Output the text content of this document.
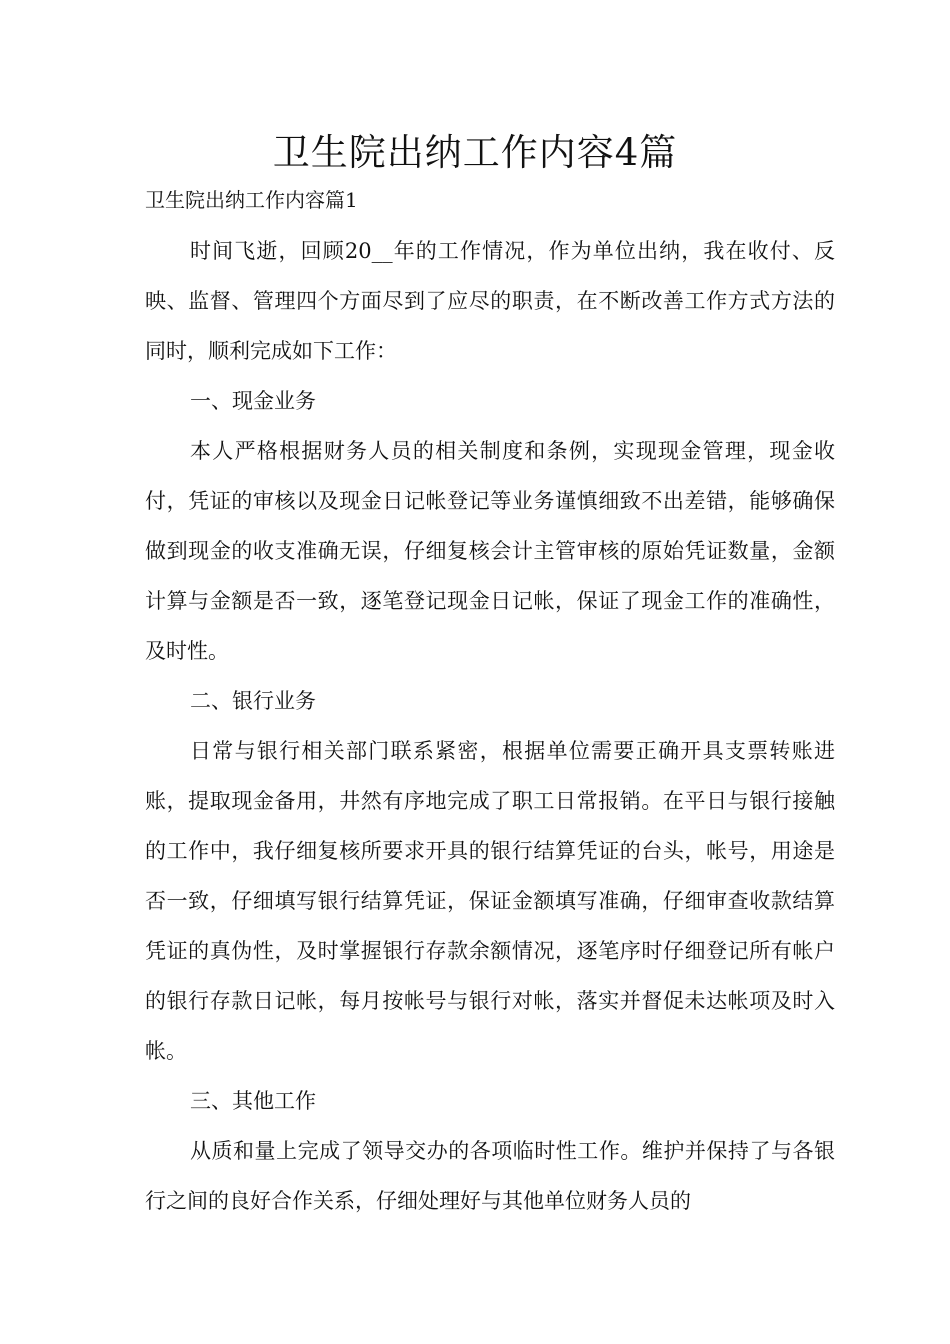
卫生院出纳工作内容4篇

卫生院出纳工作内容篇1

时间飞逝，回顾20__年的工作情况，作为单位出纳，我在收付、反映、监督、管理四个方面尽到了应尽的职责，在不断改善工作方式方法的同时，顺利完成如下工作：

一、现金业务

本人严格根据财务人员的相关制度和条例，实现现金管理，现金收付，凭证的审核以及现金日记帐登记等业务谨慎细致不出差错，能够确保做到现金的收支准确无误，仔细复核会计主管审核的原始凭证数量，金额计算与金额是否一致，逐笔登记现金日记帐，保证了现金工作的准确性，及时性。

二、银行业务

日常与银行相关部门联系紧密，根据单位需要正确开具支票转账进账，提取现金备用，井然有序地完成了职工日常报销。在平日与银行接触的工作中，我仔细复核所要求开具的银行结算凭证的台头，帐号，用途是否一致，仔细填写银行结算凭证，保证金额填写准确，仔细审查收款结算凭证的真伪性，及时掌握银行存款余额情况，逐笔序时仔细登记所有帐户的银行存款日记帐，每月按帐号与银行对帐，落实并督促未达帐项及时入帐。

三、其他工作

从质和量上完成了领导交办的各项临时性工作。维护并保持了与各银行之间的良好合作关系，仔细处理好与其他单位财务人员的
